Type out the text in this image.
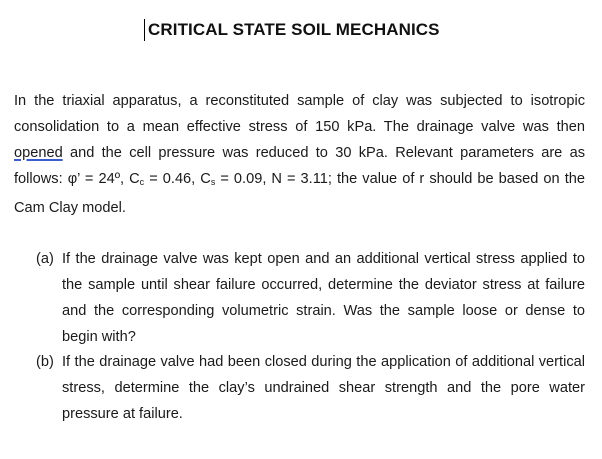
CRITICAL STATE SOIL MECHANICS
In the triaxial apparatus, a reconstituted sample of clay was subjected to isotropic consolidation to a mean effective stress of 150 kPa. The drainage valve was then opened and the cell pressure was reduced to 30 kPa. Relevant parameters are as follows: φ’ = 24º, $C_c = 0.46$, $C_s = 0.09$, N = 3.11; the value of r should be based on the Cam Clay model.
(a) If the drainage valve was kept open and an additional vertical stress applied to the sample until shear failure occurred, determine the deviator stress at failure and the corresponding volumetric strain. Was the sample loose or dense to begin with?
(b) If the drainage valve had been closed during the application of additional vertical stress, determine the clay’s undrained shear strength and the pore water pressure at failure.
